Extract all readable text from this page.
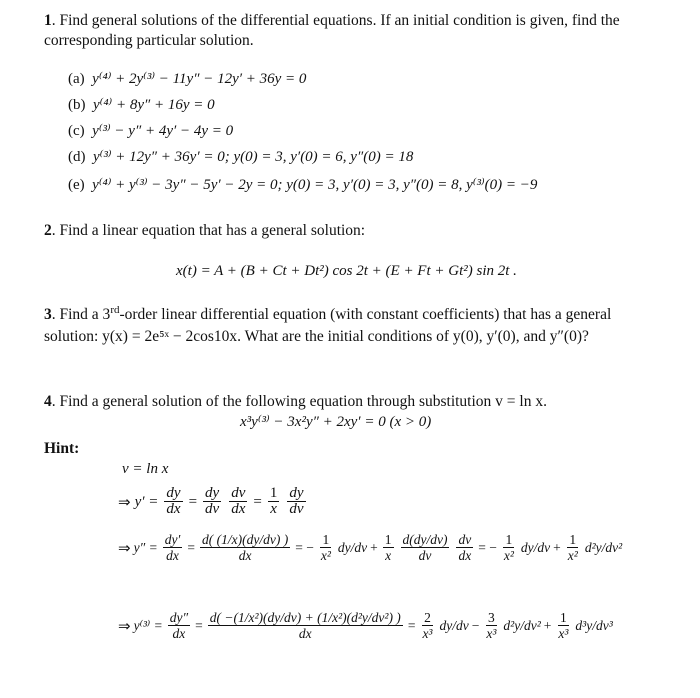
1. Find general solutions of the differential equations. If an initial condition is given, find the
corresponding particular solution.
(a) y⁽⁴⁾ + 2y⁽³⁾ − 11y″ − 12y′ + 36y = 0
(b) y⁽⁴⁾ + 8y″ + 16y = 0
(c) y⁽³⁾ − y″ + 4y′ − 4y = 0
(d) y⁽³⁾ + 12y″ + 36y′ = 0; y(0) = 3, y′(0) = 6, y″(0) = 18
(e) y⁽⁴⁾ + y⁽³⁾ − 3y″ − 5y′ − 2y = 0; y(0) = 3, y′(0) = 3, y″(0) = 8, y⁽³⁾(0) = −9
2. Find a linear equation that has a general solution:
x(t) = A + (B + Ct + Dt²) cos 2t + (E + Ft + Gt²) sin 2t .
3. Find a 3rd-order linear differential equation (with constant coefficients) that has a general
solution: y(x) = 2e⁵ˣ − 2cos10x. What are the initial conditions of y(0), y′(0), and y″(0)?
4. Find a general solution of the following equation through substitution v = ln x.
x³y⁽³⁾ − 3x²y″ + 2xy′ = 0 (x > 0)
Hint:
v = ln x
⇒ $y' = \frac{dy}{dx} = \frac{dy}{dv} \frac{dv}{dx} = \frac{1}{x} \frac{dy}{dv}$
⇒ $y'' = \frac{dy'}{dx} = \frac{d( (1/x)(dy/dv) )}{dx}$ = − $\frac{1}{\text{x²}} dy/dv + \frac{1}{x} \frac{d(dy/dv)}{dv} \frac{dv}{dx}$ = − $\frac{1}{\text{x²}} dy/dv + \frac{1}{\text{x²}} d^2y/dv^2$
⇒ $y^{(3)} = \frac{dy''}{dx} = \frac{\text{d( −(1/x²)(dy/dv) + (1/x²)(d²y/dv²) )}}{dx} = \frac{2}{\text{x³}} dy/dv - \frac{3}{\text{x³}} d^2y/dv^2 + \frac{1}{\text{x³}} d^3y/dv^3$
